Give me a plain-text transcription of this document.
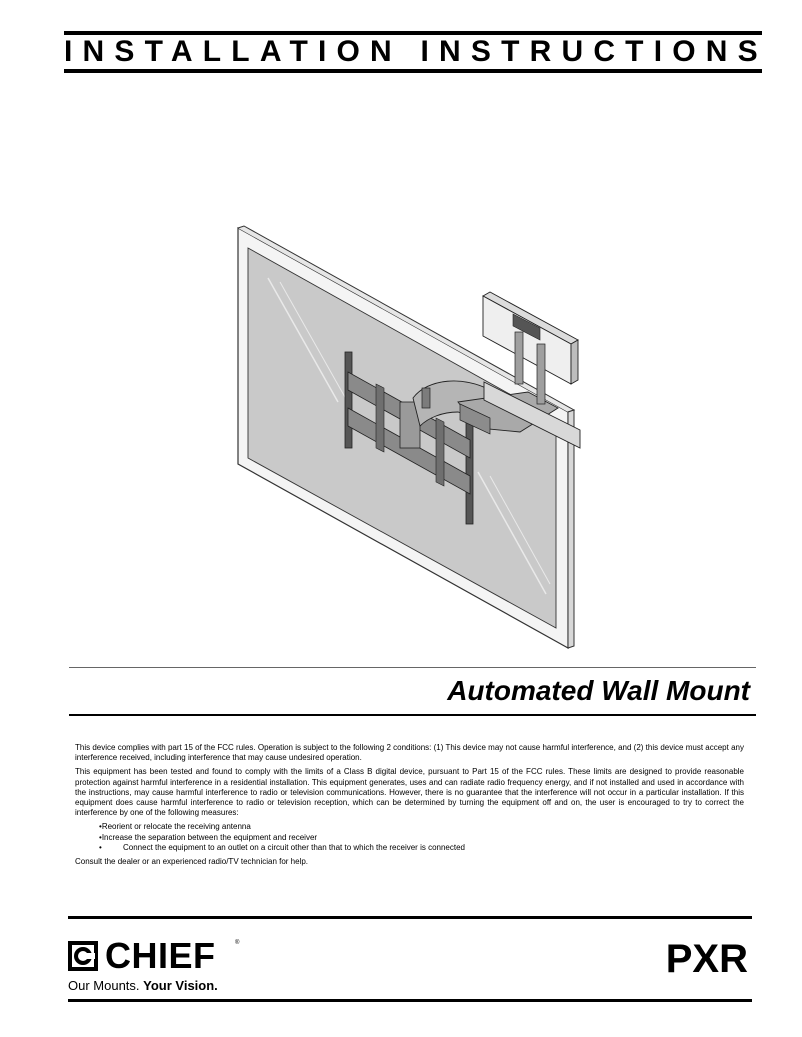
INSTALLATION INSTRUCTIONS
Automated Wall Mount

This device complies with part 15 of the FCC rules. Operation is subject to the following 2 conditions: (1) This device may not cause harmful interference, and (2) this device must accept any interference received, including interference that may cause undesired operation.

This equipment has been tested and found to comply with the limits of a Class B digital device, pursuant to Part 15 of the FCC rules. These limits are designed to provide reasonable protection against harmful interference in a residential installation. This equipment generates, uses and can radiate radio frequency energy, and if not installed and used in accordance with the instructions, may cause harmful interference to radio or television communications. However, there is no guarantee that the interference will not occur in a particular installation. If this equipment does cause harmful interference to radio or television reception, which can be determined by turning the equipment off and on, the user is encouraged to try to correct the interference by one of the following measures:

• Reorient or relocate the receiving antenna
• Increase the separation between the equipment and receiver
• Connect the equipment to an outlet on a circuit other than that to which the receiver is connected

Consult the dealer or an experienced radio/TV technician for help.

CHIEF	®
Our Mounts. Your Vision.
PXR
